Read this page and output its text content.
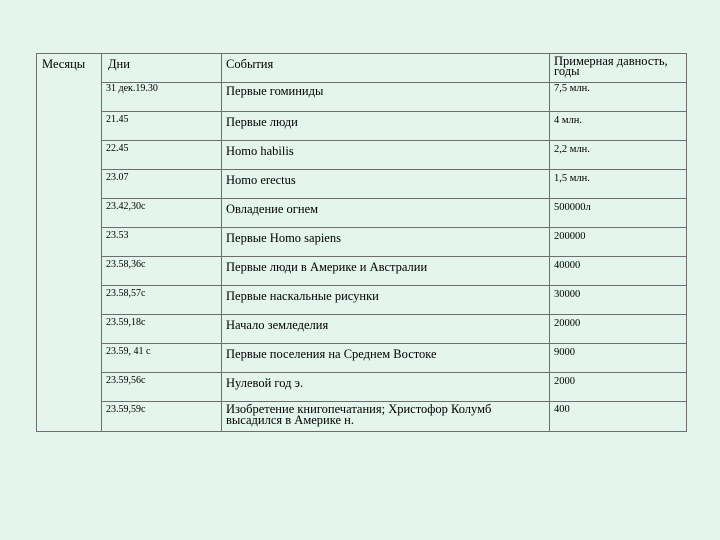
Месяцы	Дни	События	Примерная давность, годы
	31 дек.19.30	Первые гоминиды	7,5 млн.
	21.45	Первые люди	4 млн.
	22.45	Homo habilis	2,2 млн.
	23.07	Homo erectus	1,5 млн.
	23.42,30с	Овладение огнем	500000л
	23.53	Первые Homo sapiens	200000
	23.58,36с	Первые люди в Америке и Австралии	40000
	23.58,57с	Первые наскальные рисунки	30000
	23.59,18с	Начало земледелия	20000
	23.59, 41 с	Первые поселения на Среднем Востоке	9000
	23.59,56с	Нулевой год э.	2000
	23.59,59с	Изобретение книгопечатания; Христофор Колумб высадился в Америке н.	400
